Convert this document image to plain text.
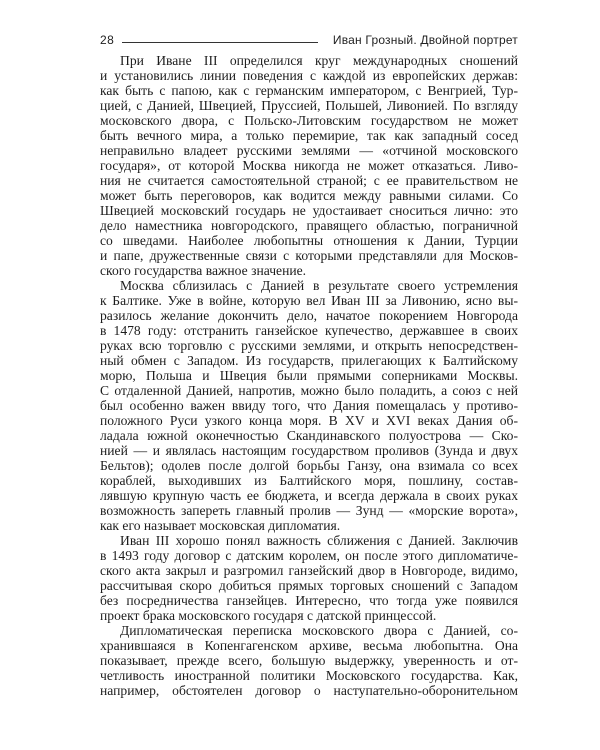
28	Иван Грозный. Двойной портрет
При Иване III определился круг международных сношений
и установились линии поведения с каждой из европейских держав:
как быть с папою, как с германским императором, с Венгрией, Тур-
цией, с Данией, Швецией, Пруссией, Польшей, Ливонией. По взгляду
московского двора, с Польско-Литовским государством не может
быть вечного мира, а только перемирие, так как западный сосед
неправильно владеет русскими землями — «отчиной московского
государя», от которой Москва никогда не может отказаться. Ливо-
ния не считается самостоятельной страной; с ее правительством не
может быть переговоров, как водится между равными силами. Со
Швецией московский государь не удостаивает сноситься лично: это
дело наместника новгородского, правящего областью, пограничной
со шведами. Наиболее любопытны отношения к Дании, Турции
и папе, дружественные связи с которыми представляли для Москов-
ского государства важное значение.
Москва сблизилась с Данией в результате своего устремления
к Балтике. Уже в войне, которую вел Иван III за Ливонию, ясно вы-
разилось желание докончить дело, начатое покорением Новгорода
в 1478 году: отстранить ганзейское купечество, державшее в своих
руках всю торговлю с русскими землями, и открыть непосредствен-
ный обмен с Западом. Из государств, прилегающих к Балтийскому
морю, Польша и Швеция были прямыми соперниками Москвы.
С отдаленной Данией, напротив, можно было поладить, а союз с ней
был особенно важен ввиду того, что Дания помещалась у противо-
положного Руси узкого конца моря. В XV и XVI веках Дания об-
ладала южной оконечностью Скандинавского полуострова — Ско-
нией — и являлась настоящим государством проливов (Зунда и двух
Бельтов); одолев после долгой борьбы Ганзу, она взимала со всех
кораблей, выходивших из Балтийского моря, пошлину, состав-
лявшую крупную часть ее бюджета, и всегда держала в своих руках
возможность запереть главный пролив — Зунд — «морские ворота»,
как его называет московская дипломатия.
Иван III хорошо понял важность сближения с Данией. Заключив
в 1493 году договор с датским королем, он после этого дипломатиче-
ского акта закрыл и разгромил ганзейский двор в Новгороде, видимо,
рассчитывая скоро добиться прямых торговых сношений с Западом
без посредничества ганзейцев. Интересно, что тогда уже появился
проект брака московского государя с датской принцессой.
Дипломатическая переписка московского двора с Данией, со-
хранившаяся в Копенгагенском архиве, весьма любопытна. Она
показывает, прежде всего, большую выдержку, уверенность и от-
четливость иностранной политики Московского государства. Как,
например, обстоятелен договор о наступательно-оборонительном
